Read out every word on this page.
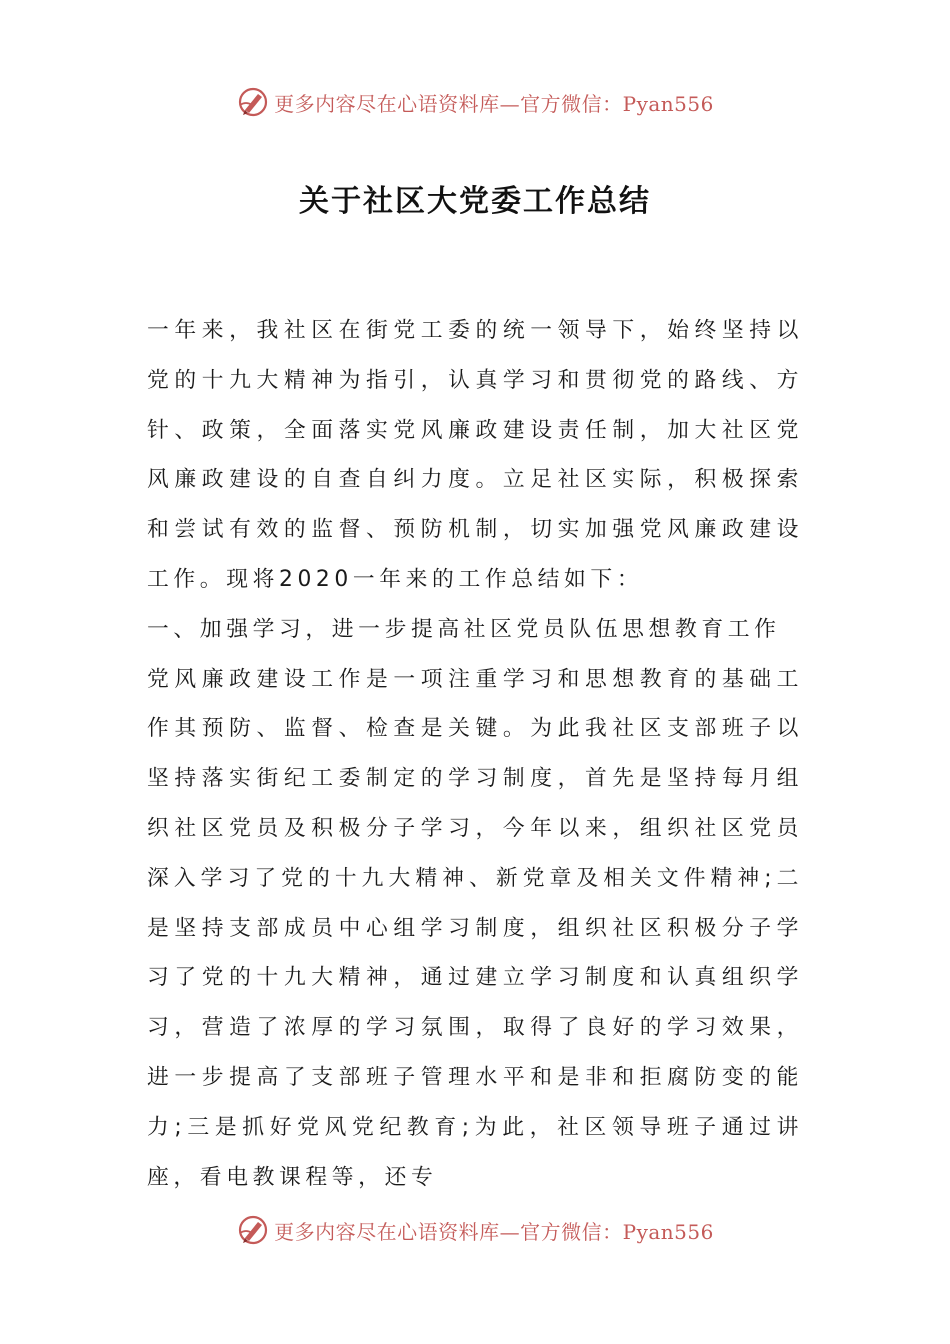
更多内容尽在心语资料库—官方微信：Pyan556
关于社区大党委工作总结

一年来，我社区在街党工委的统一领导下，始终坚持以党的十九大精神为指引，认真学习和贯彻党的路线、方针、政策，全面落实党风廉政建设责任制，加大社区党风廉政建设的自查自纠力度。立足社区实际，积极探索和尝试有效的监督、预防机制，切实加强党风廉政建设工作。现将2020一年来的工作总结如下：

一、加强学习，进一步提高社区党员队伍思想教育工作

党风廉政建设工作是一项注重学习和思想教育的基础工作其预防、监督、检查是关键。为此我社区支部班子以坚持落实街纪工委制定的学习制度，首先是坚持每月组织社区党员及积极分子学习，今年以来，组织社区党员深入学习了党的十九大精神、新党章及相关文件精神;二是坚持支部成员中心组学习制度，组织社区积极分子学习了党的十九大精神，通过建立学习制度和认真组织学习，营造了浓厚的学习氛围，取得了良好的学习效果，进一步提高了支部班子管理水平和是非和拒腐防变的能力;三是抓好党风党纪教育;为此，社区领导班子通过讲座，看电教课程等，还专

更多内容尽在心语资料库—官方微信：Pyan556
